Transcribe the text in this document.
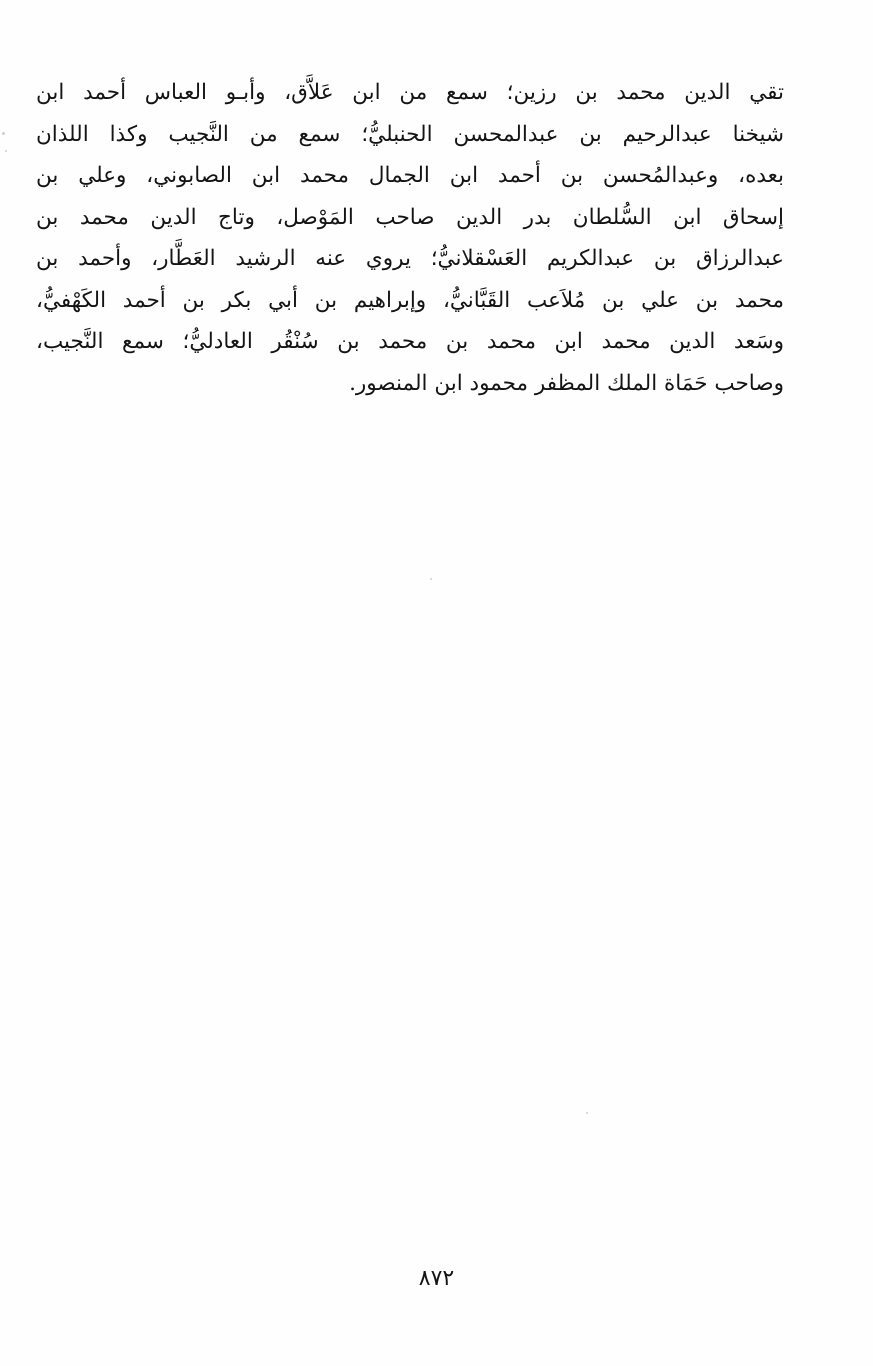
تقي الدين محمد بن رزين؛ سمع من ابن عَلاَّق، وأبـو العباس أحمد ابن
شيخنا عبدالرحيم بن عبدالمحسن الحنبليُّ؛ سمع من النَّجيب وكذا اللذان
بعده، وعبدالمُحسن بن أحمد ابن الجمال محمد ابن الصابوني، وعلي بن
إسحاق ابن السُّلطان بدر الدين صاحب المَوْصل، وتاج الدين محمد بن
عبدالرزاق بن عبدالكريم العَسْقلانيُّ؛ يروي عنه الرشيد العَطَّار، وأحمد بن
محمد بن علي بن مُلاَعب القَبَّانيُّ، وإبراهيم بن أبي بكر بن أحمد الكَهْفيُّ،
وسَعد الدين محمد ابن محمد بن محمد بن سُنْقُر العادليُّ؛ سمع النَّجيب،
وصاحب حَمَاة الملك المظفر محمود ابن المنصور.
٨٧٢
